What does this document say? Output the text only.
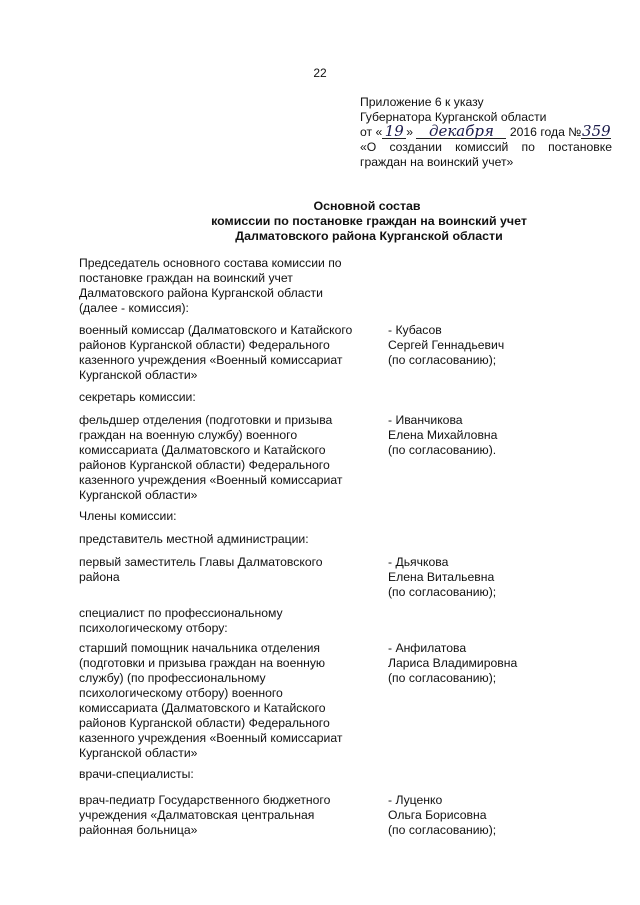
22
Приложение 6 к указу
Губернатора Курганской области
от « 19 » декабря 2016 года №359
«О создании комиссий по постановке
граждан на воинский учет»
Основной состав
комиссии по постановке граждан на воинский учет
Далматовского района Курганской области
Председатель основного состава комиссии по
постановке граждан на воинский учет
Далматовского района Курганской области
(далее - комиссия):
военный комиссар (Далматовского и Катайского
районов Курганской области) Федерального
казенного учреждения «Военный комиссариат
Курганской области»
- Кубасов
Сергей Геннадьевич
(по согласованию);
секретарь комиссии:
фельдшер отделения (подготовки и призыва
граждан на военную службу) военного
комиссариата (Далматовского и Катайского
районов Курганской области) Федерального
казенного учреждения «Военный комиссариат
Курганской области»
- Иванчикова
Елена Михайловна
(по согласованию).
Члены комиссии:
представитель местной администрации:
первый заместитель Главы Далматовского
района
- Дьячкова
Елена Витальевна
(по согласованию);
специалист по профессиональному
психологическому отбору:
старший помощник начальника отделения
(подготовки и призыва граждан на военную
службу) (по профессиональному
психологическому отбору) военного
комиссариата (Далматовского и Катайского
районов Курганской области) Федерального
казенного учреждения «Военный комиссариат
Курганской области»
- Анфилатова
Лариса Владимировна
(по согласованию);
врачи-специалисты:
врач-педиатр Государственного бюджетного
учреждения «Далматовская центральная
районная больница»
- Луценко
Ольга Борисовна
(по согласованию);
